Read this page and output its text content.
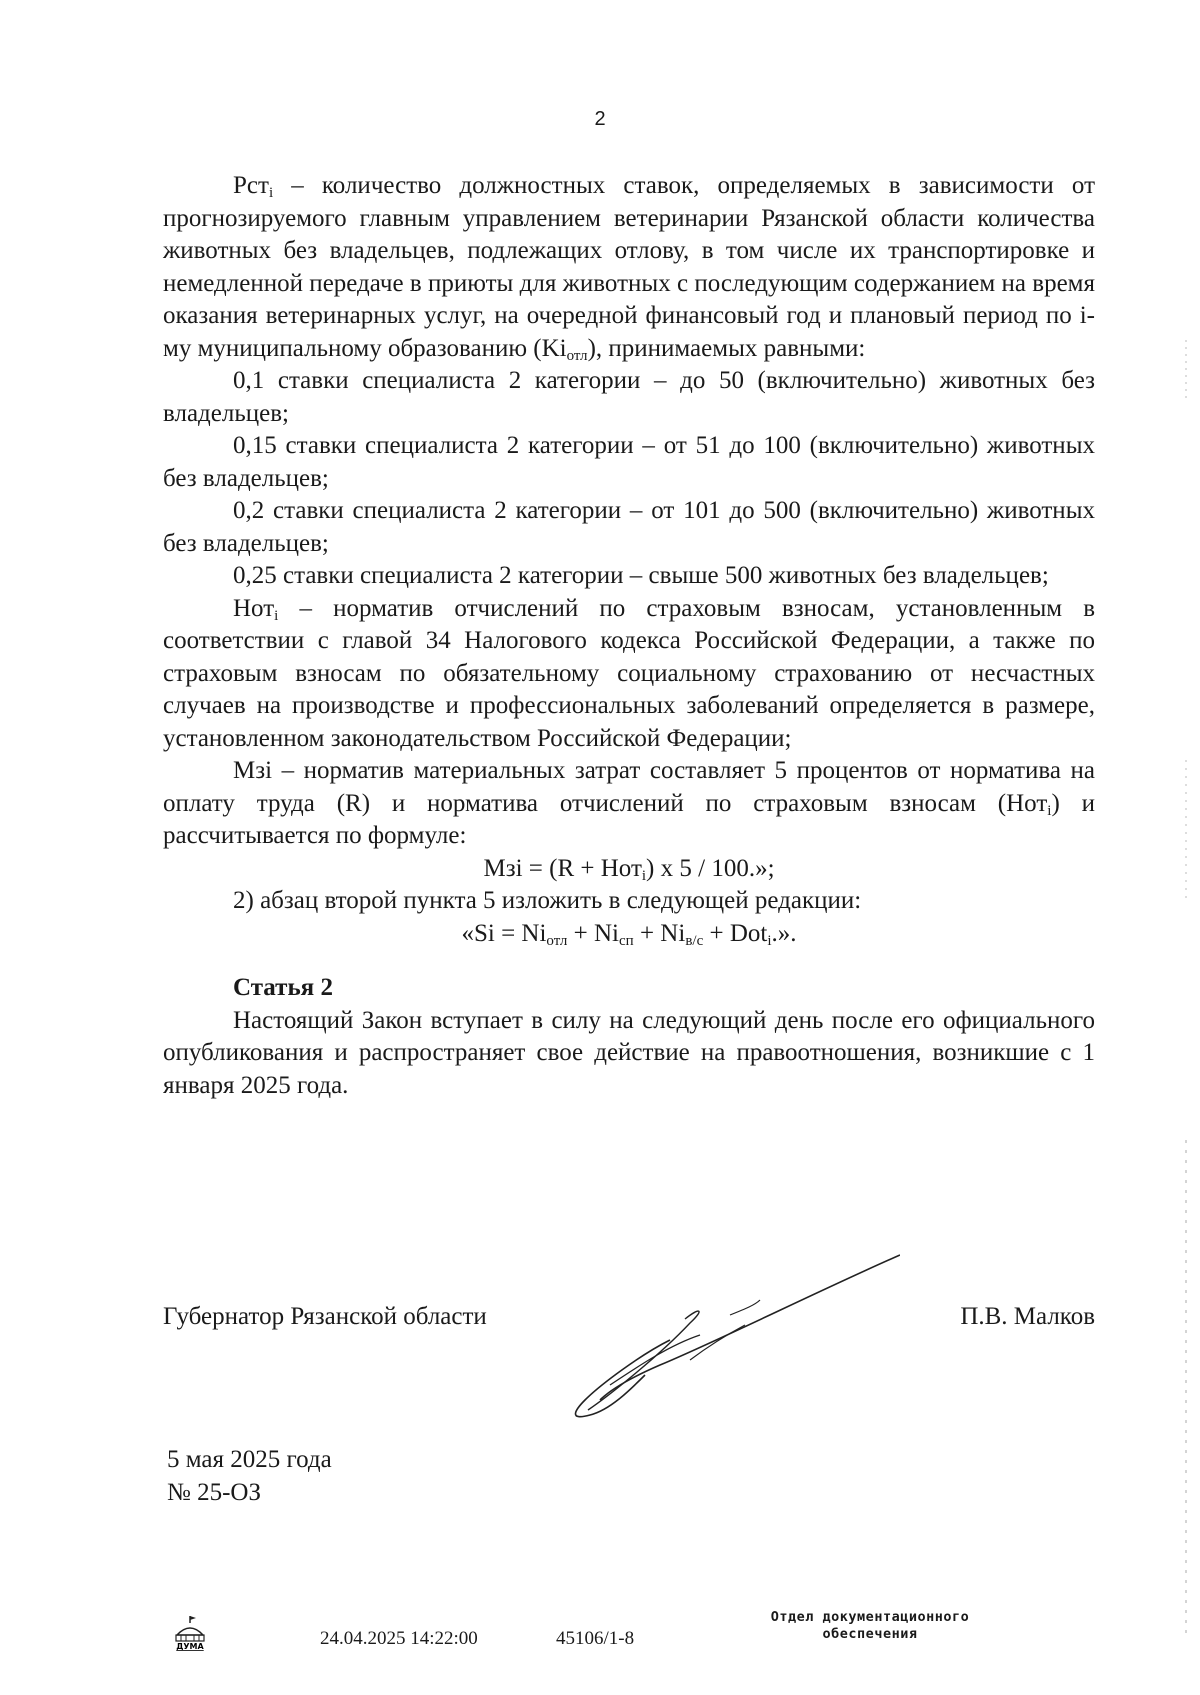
2

Рст$_i$ – количество должностных ставок, определяемых в зависимости от прогнозируемого главным управлением ветеринарии Рязанской области количества животных без владельцев, подлежащих отлову, в том числе их транспортировке и немедленной передаче в приюты для животных с последующим содержанием на время оказания ветеринарных услуг, на очередной финансовый год и плановый период по i-му муниципальному образованию $(Ki_{отл})$, принимаемых равными:

0,1 ставки специалиста 2 категории – до 50 (включительно) животных без владельцев;

0,15 ставки специалиста 2 категории – от 51 до 100 (включительно) животных без владельцев;

0,2 ставки специалиста 2 категории – от 101 до 500 (включительно) животных без владельцев;

0,25 ставки специалиста 2 категории – свыше 500 животных без владельцев;

Нот$_i$ – норматив отчислений по страховым взносам, установленным в соответствии с главой 34 Налогового кодекса Российской Федерации, а также по страховым взносам по обязательному социальному страхованию от несчастных случаев на производстве и профессиональных заболеваний определяется в размере, установленном законодательством Российской Федерации;

Мзi – норматив материальных затрат составляет 5 процентов от норматива на оплату труда (R) и норматива отчислений по страховым взносам (Нот$_i$) и рассчитывается по формуле:

Мзi = (R + Нот$_i$) х 5 / 100.»;

2) абзац второй пункта 5 изложить в следующей редакции:

«$Si = Ni_{отл} + Ni_{сп} + Ni_{в/с} + Dot_i$.».

Статья 2

Настоящий Закон вступает в силу на следующий день после его официального опубликования и распространяет свое действие на правоотношения, возникшие с 1 января 2025 года.

Губернатор Рязанской области	П.В. Малков
5 мая 2025 года
№ 25-ОЗ
ДУМА	24.04.2025 14:22:00	45106/1-8
Отдел документационного
обеспечения
